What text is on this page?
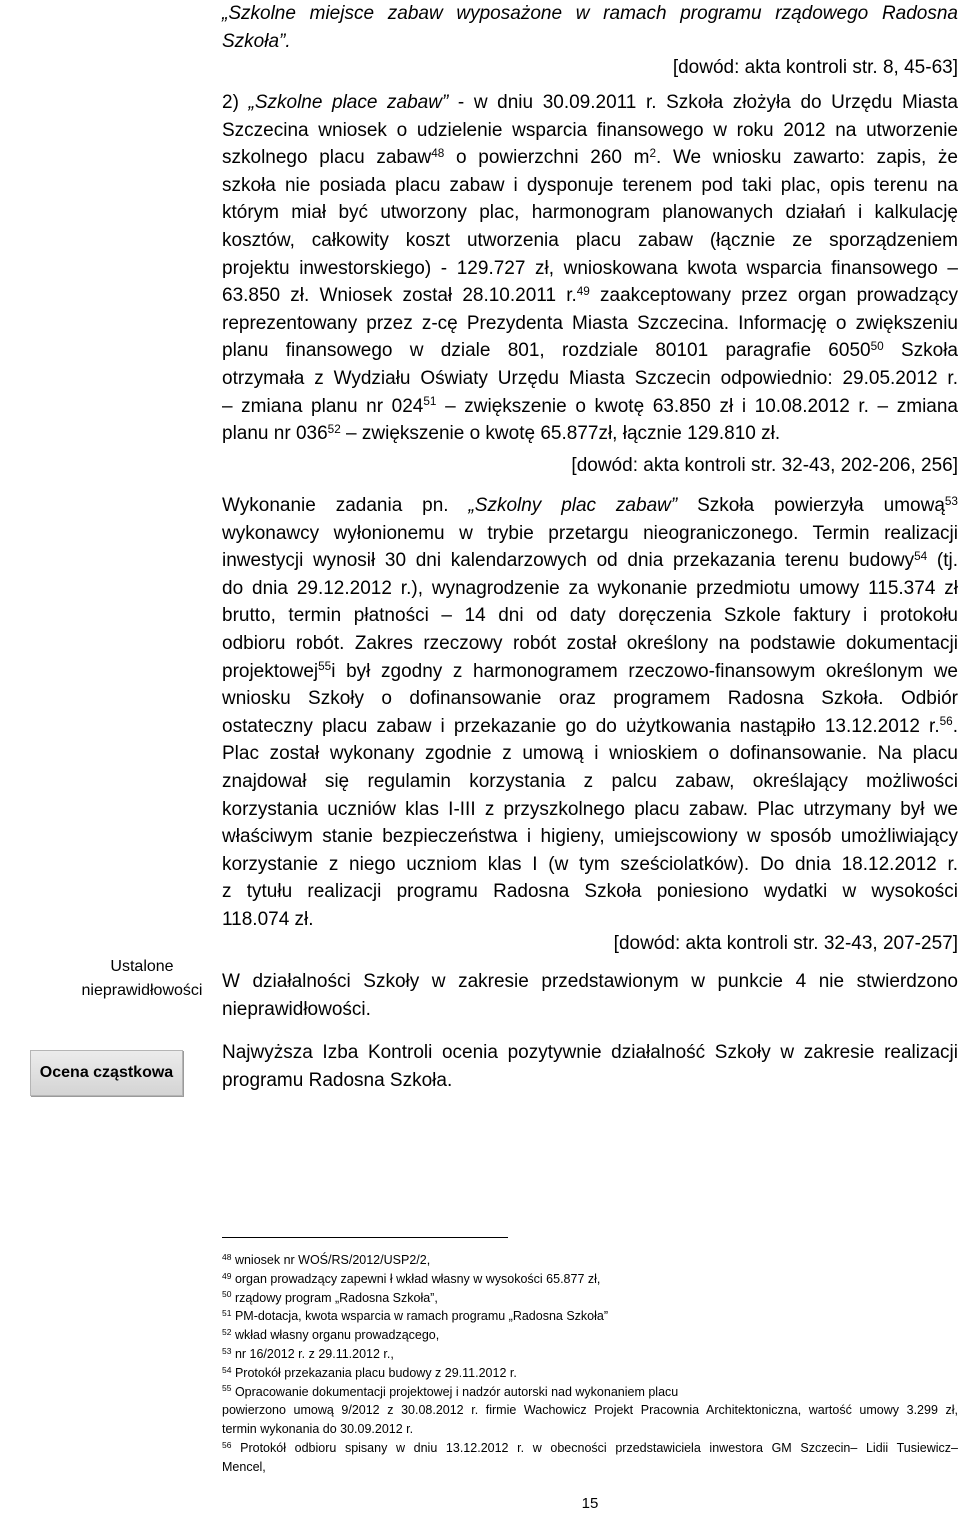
„Szkolne miejsce zabaw wyposażone w ramach programu rządowego Radosna
Szkoła”.
[dowód: akta kontroli str. 8, 45-63]
2) „Szkolne place zabaw” - w dniu 30.09.2011 r. Szkoła złożyła do Urzędu Miasta
Szczecina wniosek o udzielenie wsparcia finansowego w roku 2012 na utworzenie
szkolnego placu zabaw$^{48}$ o powierzchni 260 $m^2$. We wniosku zawarto: zapis, że
szkoła nie posiada placu zabaw i dysponuje terenem pod taki plac, opis terenu na
którym miał być utworzony plac, harmonogram planowanych działań i kalkulację
kosztów, całkowity koszt utworzenia placu zabaw (łącznie ze sporządzeniem
projektu inwestorskiego) - 129.727 zł, wnioskowana kwota wsparcia finansowego –
63.850 zł. Wniosek został 28.10.2011 r.$^{49}$ zaakceptowany przez organ prowadzący
reprezentowany przez z-cę Prezydenta Miasta Szczecina. Informację o zwiększeniu
planu finansowego w dziale 801, rozdziale 80101 paragrafie 6050$^{50}$ Szkoła
otrzymała z Wydziału Oświaty Urzędu Miasta Szczecin odpowiednio: 29.05.2012 r.
– zmiana planu nr $024^{51}$ – zwiększenie o kwotę 63.850 zł i 10.08.2012 r. – zmiana
planu nr $036^{52}$ – zwiększenie o kwotę 65.877zł, łącznie 129.810 zł.
[dowód: akta kontroli str. 32-43, 202-206, 256]
Wykonanie zadania pn. „Szkolny plac zabaw” Szkoła powierzyła umową$^{53}$
wykonawcy wyłonionemu w trybie przetargu nieograniczonego. Termin realizacji
inwestycji wynosił 30 dni kalendarzowych od dnia przekazania terenu budowy$^{54}$ (tj.
do dnia 29.12.2012 r.), wynagrodzenie za wykonanie przedmiotu umowy 115.374 zł
brutto, termin płatności – 14 dni od daty doręczenia Szkole faktury i protokołu
odbioru robót. Zakres rzeczowy robót został określony na podstawie dokumentacji
projektowej$^{55}$i był zgodny z harmonogramem rzeczowo-finansowym określonym we
wniosku Szkoły o dofinansowanie oraz programem Radosna Szkoła. Odbiór
ostateczny placu zabaw i przekazanie go do użytkowania nastąpiło 13.12.2012 r.$^{56}$.
Plac został wykonany zgodnie z umową i wnioskiem o dofinansowanie. Na placu
znajdował się regulamin korzystania z palcu zabaw, określający możliwości
korzystania uczniów klas I-III z przyszkolnego placu zabaw. Plac utrzymany był we
właściwym stanie bezpieczeństwa i higieny, umiejscowiony w sposób umożliwiający
korzystanie z niego uczniom klas I (w tym sześciolatków). Do dnia 18.12.2012 r.
z tytułu realizacji programu Radosna Szkoła poniesiono wydatki w wysokości
118.074 zł.
[dowód: akta kontroli str. 32-43, 207-257]
W działalności Szkoły w zakresie przedstawionym w punkcie 4 nie stwierdzono
nieprawidłowości.
Najwyższa Izba Kontroli ocenia pozytywnie działalność Szkoły w zakresie realizacji
programu Radosna Szkoła.
Ustalone
nieprawidłowości
Ocena cząstkowa
$^{48}$ wniosek nr WOŚ/RS/2012/USP2/2,
$^{49}$ organ prowadzący zapewni ł wkład własny w wysokości 65.877 zł,
$^{50}$ rządowy program „Radosna Szkoła”,
$^{51}$ PM-dotacja, kwota wsparcia w ramach programu „Radosna Szkoła”
$^{52}$ wkład własny organu prowadzącego,
$^{53}$ nr 16/2012 r. z 29.11.2012 r.,
$^{54}$ Protokół przekazania placu budowy z 29.11.2012 r.
$^{55}$ Opracowanie dokumentacji projektowej i nadzór autorski nad wykonaniem placu
powierzono umową 9/2012 z 30.08.2012 r. firmie Wachowicz Projekt Pracownia Architektoniczna, wartość umowy 3.299 zł,
termin wykonania do 30.09.2012 r.
$^{56}$ Protokół odbioru spisany w dniu 13.12.2012 r. w obecności przedstawiciela inwestora GM Szczecin– Lidii Tusiewicz–
Mencel,
15
